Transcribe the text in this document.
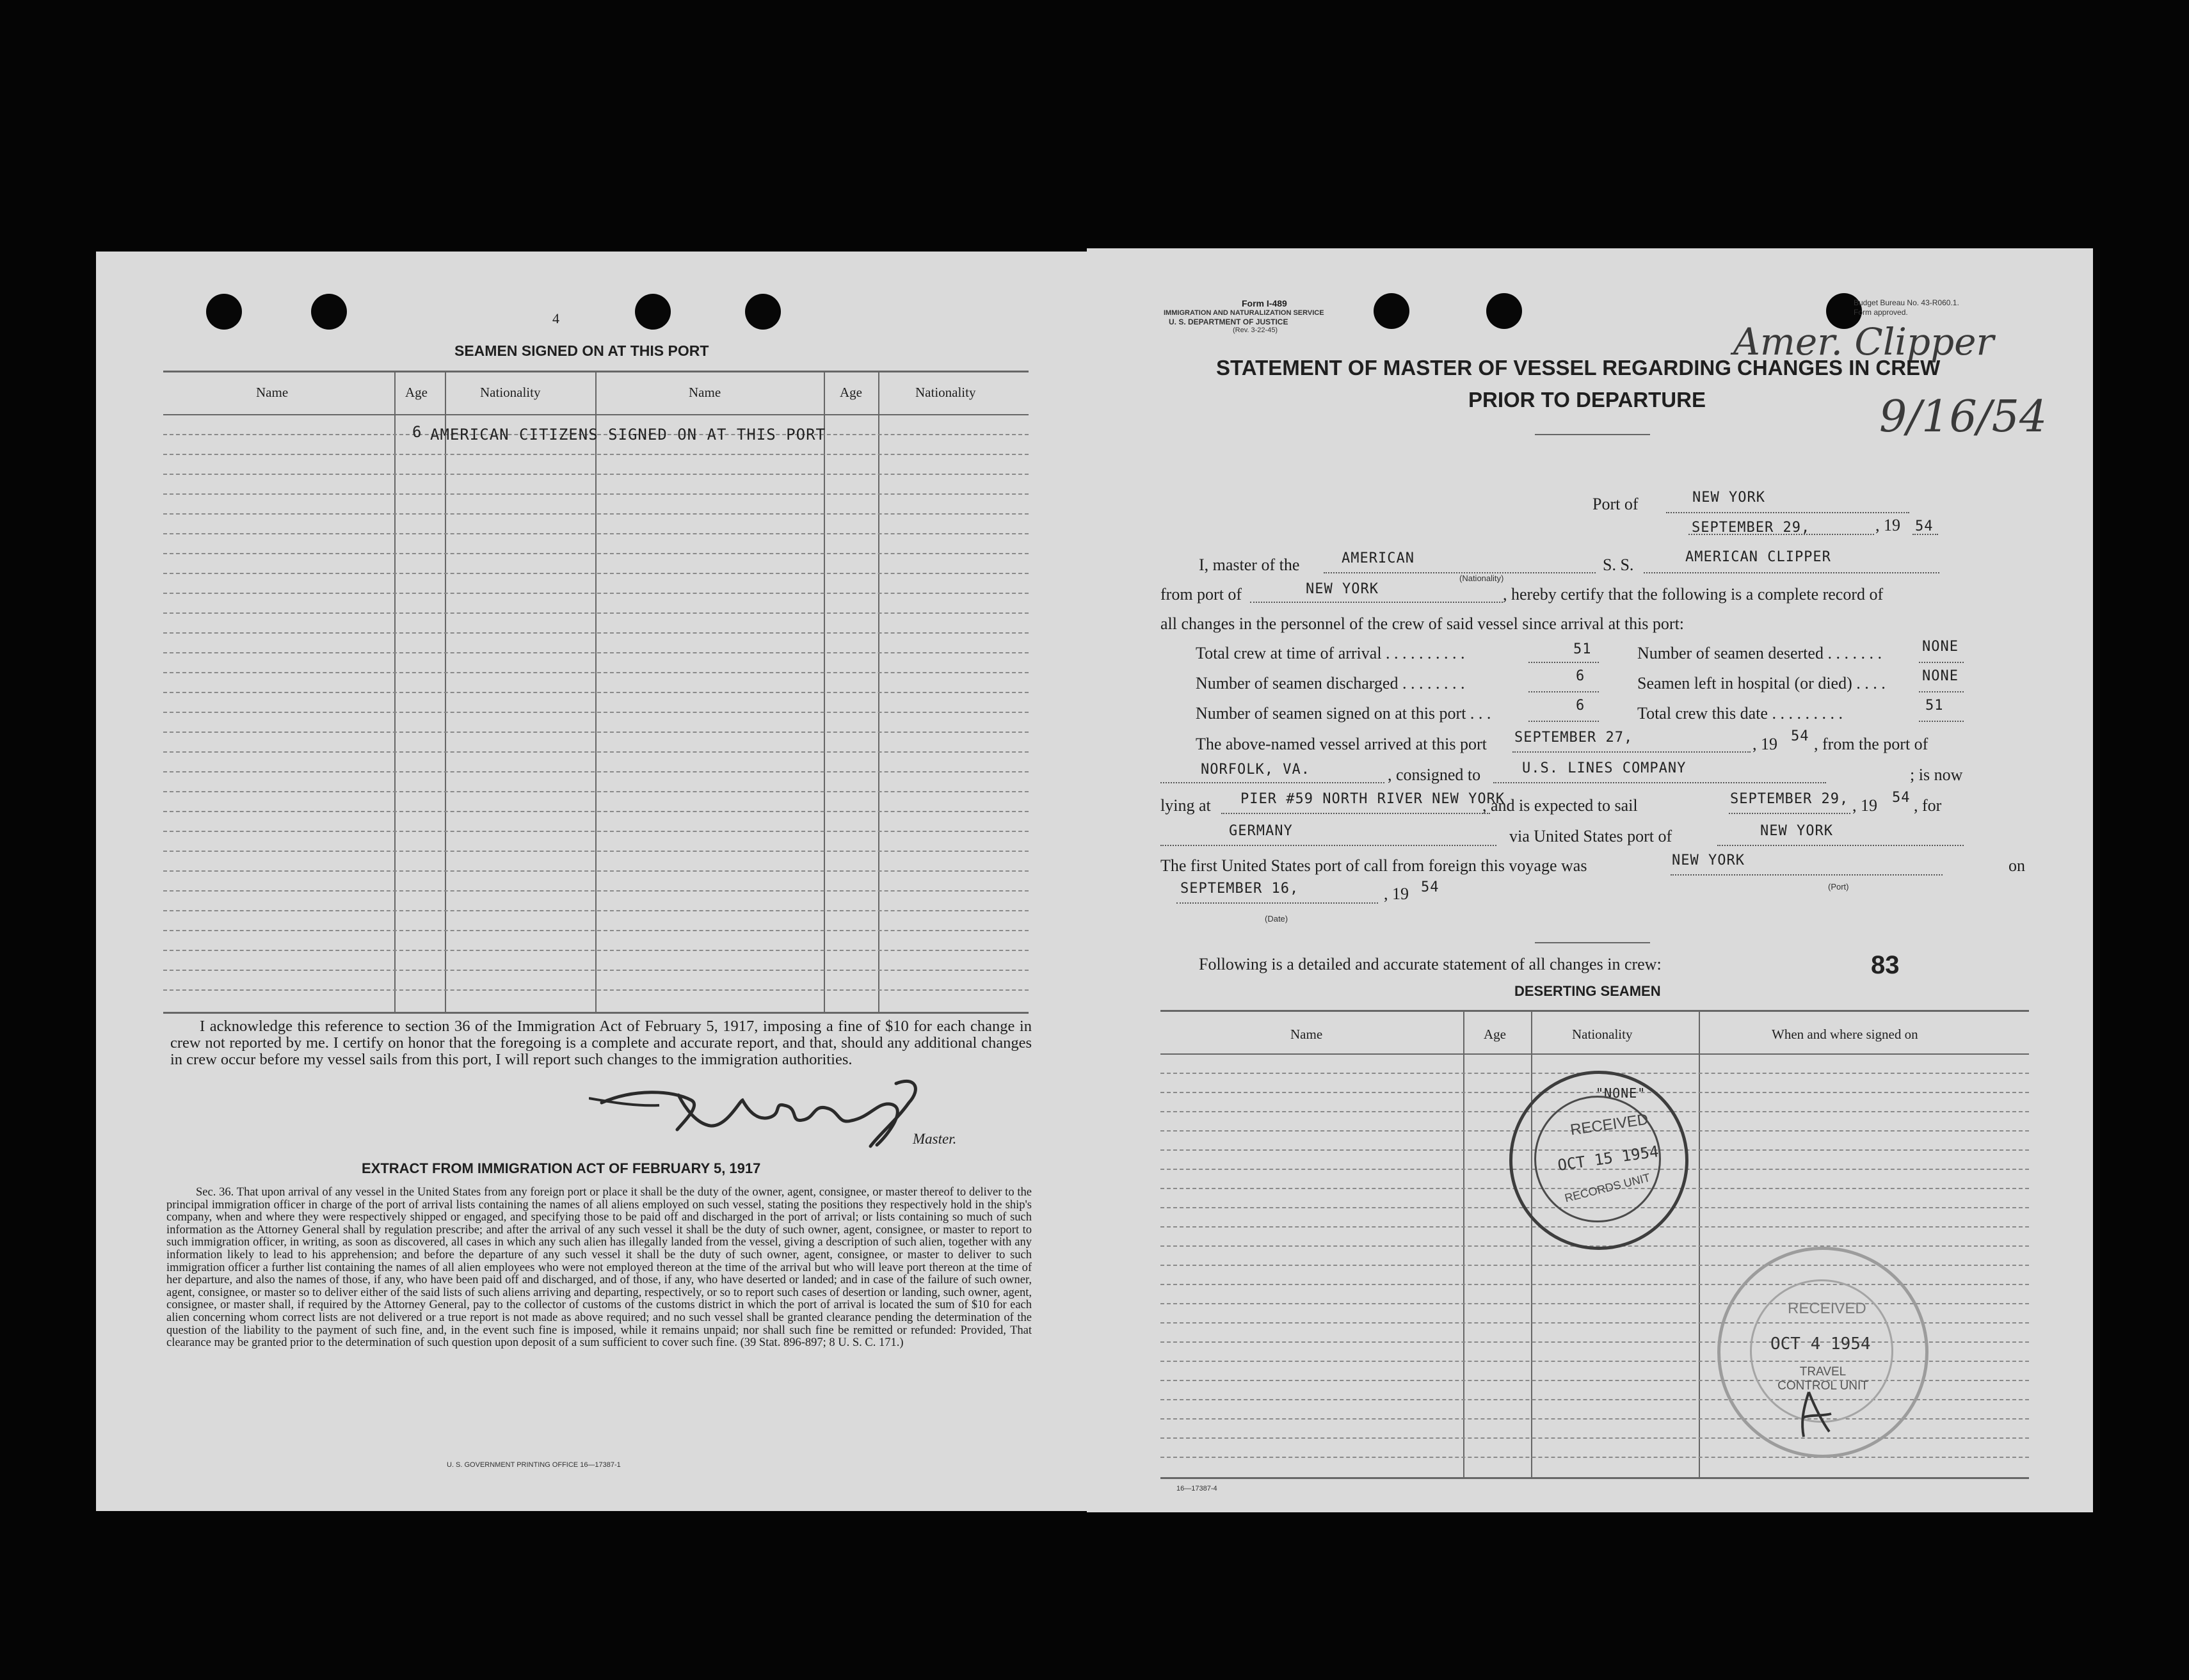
4
SEAMEN SIGNED ON AT THIS PORT
Name	Age	Nationality	Name	Age	Nationality
6 AMERICAN CITIZENS SIGNED ON AT THIS PORT
I acknowledge this reference to section 36 of the Immigration Act of February 5, 1917, imposing a fine of $10 for each change in crew not reported by me. I certify on honor that the foregoing is a complete and accurate report, and that, should any additional changes in crew occur before my vessel sails from this port, I will report such changes to the immigration authorities.
Master.
EXTRACT FROM IMMIGRATION ACT OF FEBRUARY 5, 1917
Sec. 36. That upon arrival of any vessel in the United States from any foreign port or place it shall be the duty of the owner, agent, consignee, or master thereof to deliver to the principal immigration officer in charge of the port of arrival lists containing the names of all aliens employed on such vessel, stating the positions they respectively hold in the ship's company, when and where they were respectively shipped or engaged, and specifying those to be paid off and discharged in the port of arrival; or lists containing so much of such information as the Attorney General shall by regulation prescribe; and after the arrival of any such vessel it shall be the duty of such owner, agent, consignee, or master to report to such immigration officer, in writing, as soon as discovered, all cases in which any such alien has illegally landed from the vessel, giving a description of such alien, together with any information likely to lead to his apprehension; and before the departure of any such vessel it shall be the duty of such owner, agent, consignee, or master to deliver to such immigration officer a further list containing the names of all alien employees who were not employed thereon at the time of the arrival but who will leave port thereon at the time of her departure, and also the names of those, if any, who have been paid off and discharged, and of those, if any, who have deserted or landed; and in case of the failure of such owner, agent, consignee, or master so to deliver either of the said lists of such aliens arriving and departing, respectively, or so to report such cases of desertion or landing, such owner, agent, consignee, or master shall, if required by the Attorney General, pay to the collector of customs of the customs district in which the port of arrival is located the sum of $10 for each alien concerning whom correct lists are not delivered or a true report is not made as above required; and no such vessel shall be granted clearance pending the determination of the question of the liability to the payment of such fine, and, in the event such fine is imposed, while it remains unpaid; nor shall such fine be remitted or refunded: Provided, That clearance may be granted prior to the determination of such question upon deposit of a sum sufficient to cover such fine. (39 Stat. 896-897; 8 U. S. C. 171.)
U. S. GOVERNMENT PRINTING OFFICE 16—17387-1
Form I-489
IMMIGRATION AND NATURALIZATION SERVICE
U. S. DEPARTMENT OF JUSTICE
(Rev. 3-22-45)
Budget Bureau No. 43-R060.1.
Form approved.
Amer. Clipper
9/16/54
STATEMENT OF MASTER OF VESSEL REGARDING CHANGES IN CREW
PRIOR TO DEPARTURE
Port of	NEW YORK
SEPTEMBER 29,	, 19 54
I, master of the	AMERICAN
(Nationality)
S. S.	AMERICAN CLIPPER
from port of	NEW YORK	, hereby certify that the following is a complete record of
all changes in the personnel of the crew of said vessel since arrival at this port:
Total crew at time of arrival . . . . . . . . . .	51	Number of seamen deserted . . . . . . .	NONE
Number of seamen discharged . . . . . . . .	6	Seamen left in hospital (or died) . . . .	NONE
Number of seamen signed on at this port . . .	6	Total crew this date . . . . . . . . .	51
The above-named vessel arrived at this port SEPTEMBER 27,	, 19 54 , from the port of
NORFOLK, VA.	, consigned to	U.S. LINES COMPANY	; is now
lying at PIER #59 NORTH RIVER NEW YORK
, and is expected to sail	SEPTEMBER 29, , 19 54 , for
GERMANY	via United States port of	NEW YORK
The first United States port of call from foreign this voyage was	NEW YORK
(Port)
on
SEPTEMBER 16,
(Date)
, 19 54
Following is a detailed and accurate statement of all changes in crew:	83
DESERTING SEAMEN
Name	Age	Nationality	When and where signed on
"NONE"
RECEIVED
OCT 15 1954
RECORDS UNIT
RECEIVED
OCT 4 1954
TRAVEL CONTROL UNIT
16—17387-4
